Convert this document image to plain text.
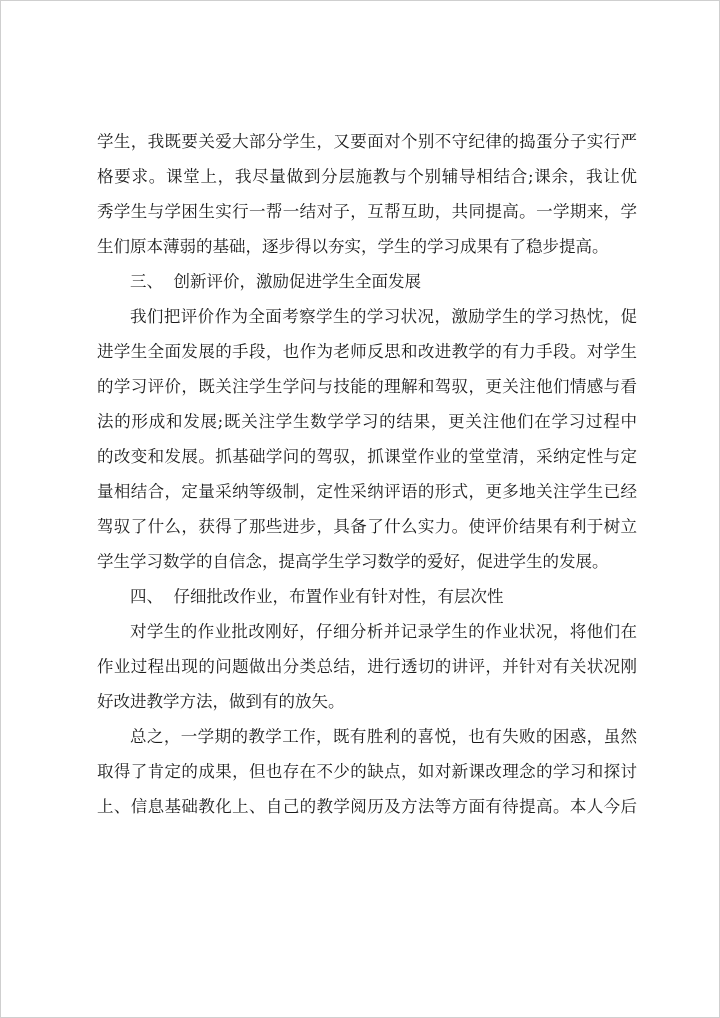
学生，我既要关爱大部分学生，又要面对个别不守纪律的捣蛋分子实行严
格要求。课堂上，我尽量做到分层施教与个别辅导相结合;课余，我让优
秀学生与学困生实行一帮一结对子，互帮互助，共同提高。一学期来，学
生们原本薄弱的基础，逐步得以夯实，学生的学习成果有了稳步提高。
三、  创新评价，激励促进学生全面发展
我们把评价作为全面考察学生的学习状况，激励学生的学习热忱，促
进学生全面发展的手段，也作为老师反思和改进教学的有力手段。对学生
的学习评价，既关注学生学问与技能的理解和驾驭，更关注他们情感与看
法的形成和发展;既关注学生数学学习的结果，更关注他们在学习过程中
的改变和发展。抓基础学问的驾驭，抓课堂作业的堂堂清，采纳定性与定
量相结合，定量采纳等级制，定性采纳评语的形式，更多地关注学生已经
驾驭了什么，获得了那些进步，具备了什么实力。使评价结果有利于树立
学生学习数学的自信念，提高学生学习数学的爱好，促进学生的发展。
四、  仔细批改作业，布置作业有针对性，有层次性
对学生的作业批改刚好，仔细分析并记录学生的作业状况，将他们在
作业过程出现的问题做出分类总结，进行透切的讲评，并针对有关状况刚
好改进教学方法，做到有的放矢。
总之，一学期的教学工作，既有胜利的喜悦，也有失败的困惑，虽然
取得了肯定的成果，但也存在不少的缺点，如对新课改理念的学习和探讨
上、信息基础教化上、自己的教学阅历及方法等方面有待提高。本人今后
